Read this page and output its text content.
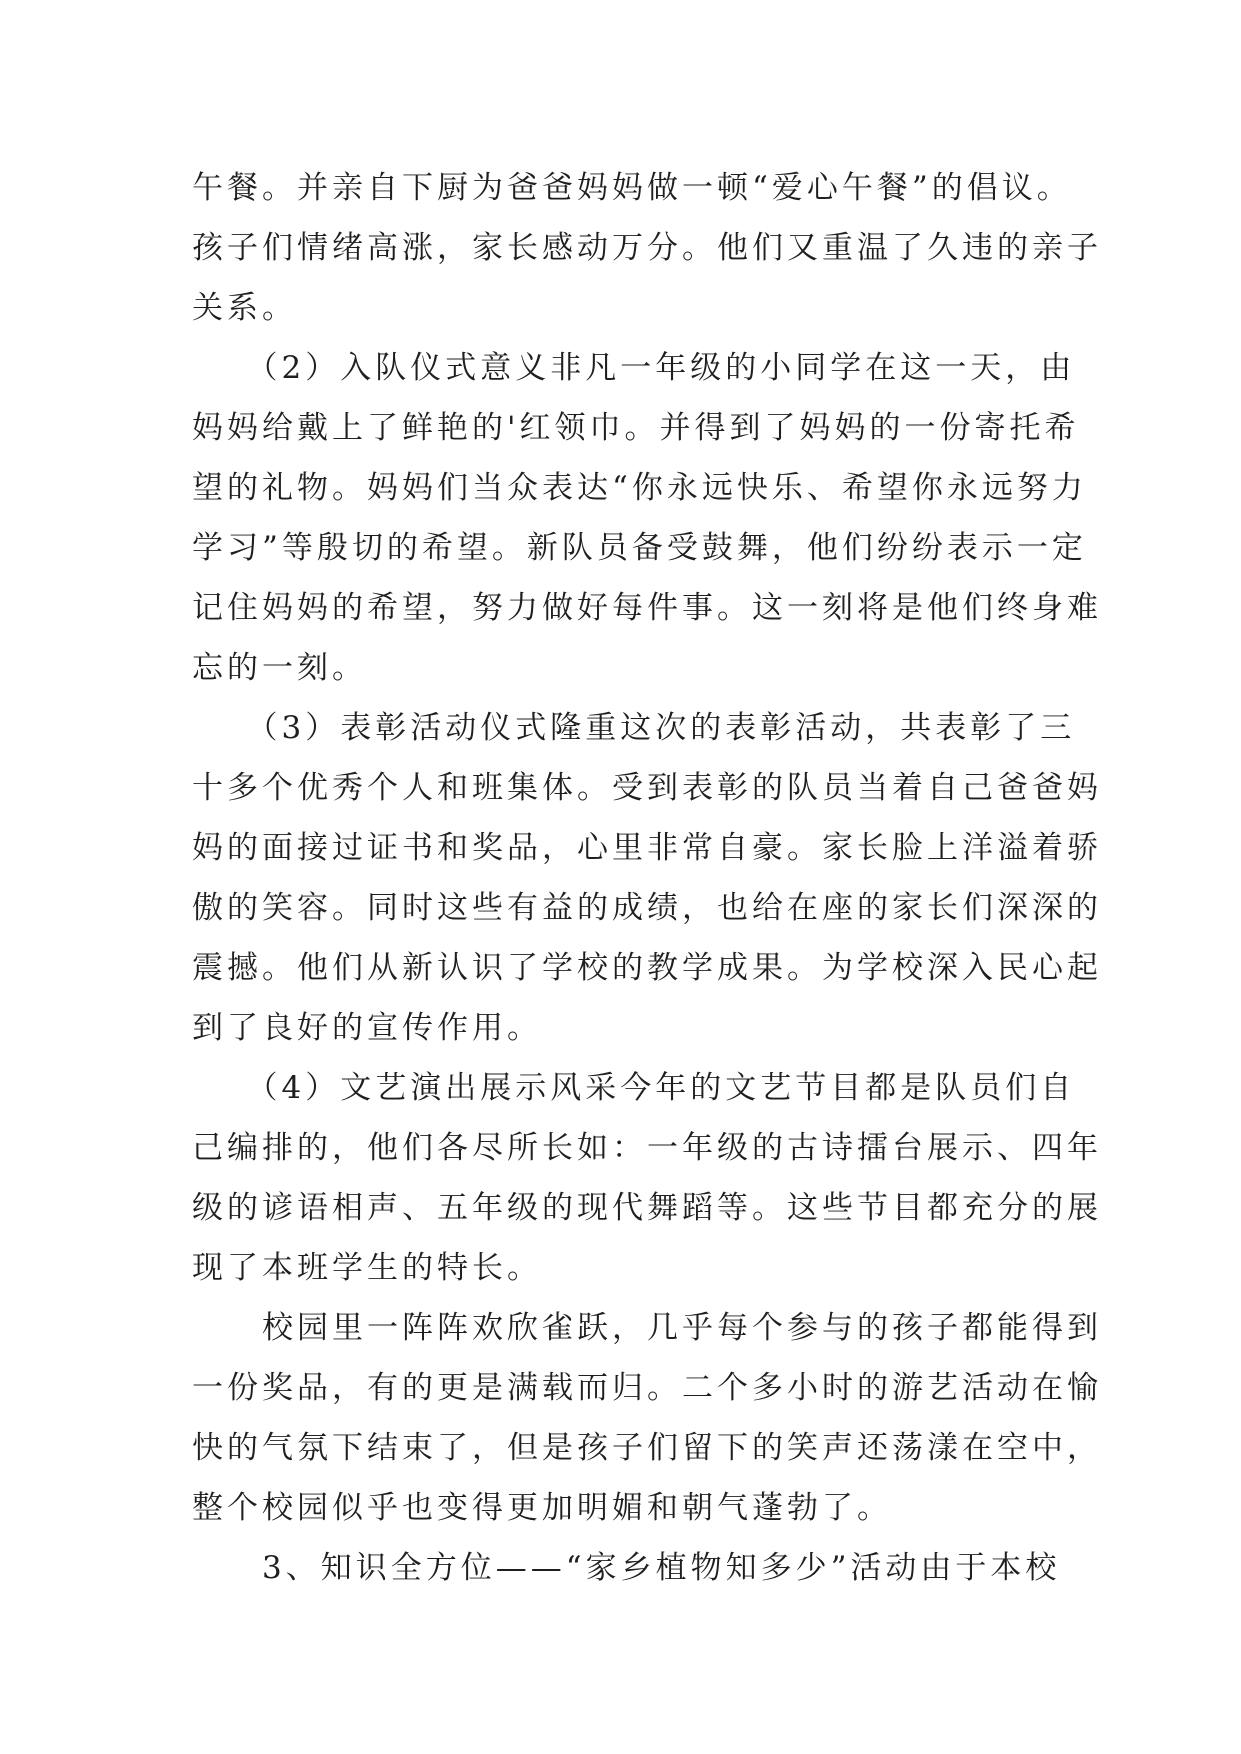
午餐。并亲自下厨为爸爸妈妈做一顿“爱心午餐”的倡议。
孩子们情绪高涨，家长感动万分。他们又重温了久违的亲子
关系。
　　（2）入队仪式意义非凡一年级的小同学在这一天，由
妈妈给戴上了鲜艳的'红领巾。并得到了妈妈的一份寄托希
望的礼物。妈妈们当众表达“你永远快乐、希望你永远努力
学习”等殷切的希望。新队员备受鼓舞，他们纷纷表示一定
记住妈妈的希望，努力做好每件事。这一刻将是他们终身难
忘的一刻。
　　（3）表彰活动仪式隆重这次的表彰活动，共表彰了三
十多个优秀个人和班集体。受到表彰的队员当着自己爸爸妈
妈的面接过证书和奖品，心里非常自豪。家长脸上洋溢着骄
傲的笑容。同时这些有益的成绩，也给在座的家长们深深的
震撼。他们从新认识了学校的教学成果。为学校深入民心起
到了良好的宣传作用。
　　（4）文艺演出展示风采今年的文艺节目都是队员们自
己编排的，他们各尽所长如：一年级的古诗擂台展示、四年
级的谚语相声、五年级的现代舞蹈等。这些节目都充分的展
现了本班学生的特长。
　　校园里一阵阵欢欣雀跃，几乎每个参与的孩子都能得到
一份奖品，有的更是满载而归。二个多小时的游艺活动在愉
快的气氛下结束了，但是孩子们留下的笑声还荡漾在空中，
整个校园似乎也变得更加明媚和朝气蓬勃了。
　　3、知识全方位——“家乡植物知多少”活动由于本校
